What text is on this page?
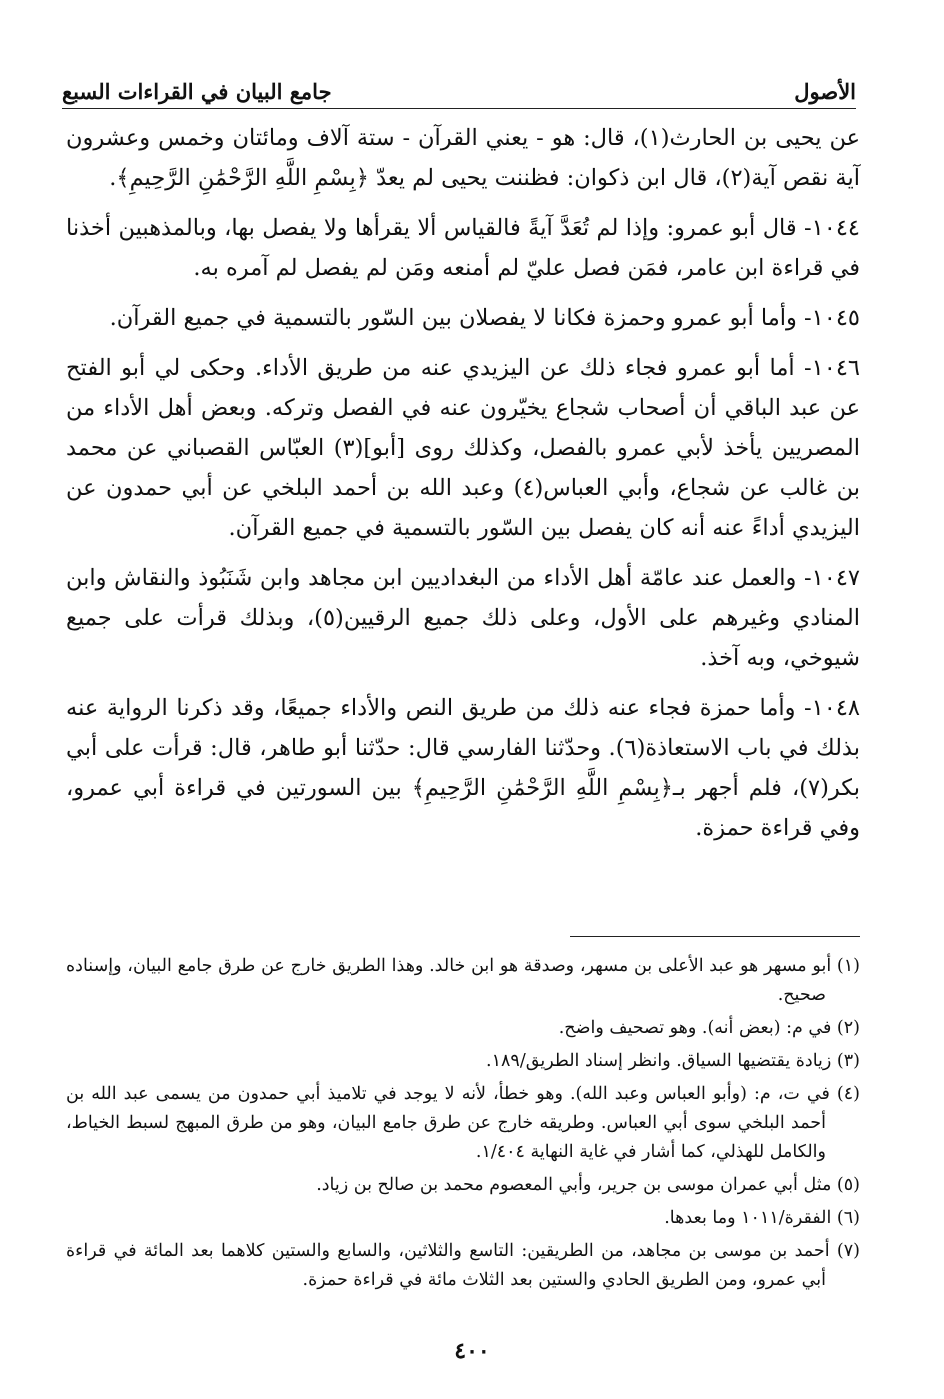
الأصول
جامع البيان في القراءات السبع

عن يحيى بن الحارث(١)، قال: هو - يعني القرآن - ستة آلاف ومائتان وخمس وعشرون آية نقص آية(٢)، قال ابن ذكوان: فظننت يحيى لم يعدّ ﴿بِسْمِ اللَّهِ الرَّحْمَٰنِ الرَّحِيمِ﴾.

١٠٤٤- قال أبو عمرو: وإذا لم تُعَدَّ آيةً فالقياس ألا يقرأها ولا يفصل بها، وبالمذهبين أخذنا في قراءة ابن عامر، فمَن فصل عليّ لم أمنعه ومَن لم يفصل لم آمره به.

١٠٤٥- وأما أبو عمرو وحمزة فكانا لا يفصلان بين السّور بالتسمية في جميع القرآن.

١٠٤٦- أما أبو عمرو فجاء ذلك عن اليزيدي عنه من طريق الأداء. وحكى لي أبو الفتح عن عبد الباقي أن أصحاب شجاع يخيّرون عنه في الفصل وتركه. وبعض أهل الأداء من المصريين يأخذ لأبي عمرو بالفصل، وكذلك روى [أبو](٣) العبّاس القصباني عن محمد بن غالب عن شجاع، وأبي العباس(٤) وعبد الله بن أحمد البلخي عن أبي حمدون عن اليزيدي أداءً عنه أنه كان يفصل بين السّور بالتسمية في جميع القرآن.

١٠٤٧- والعمل عند عامّة أهل الأداء من البغداديين ابن مجاهد وابن شَنَبُوذ والنقاش وابن المنادي وغيرهم على الأول، وعلى ذلك جميع الرقيين(٥)، وبذلك قرأت على جميع شيوخي، وبه آخذ.

١٠٤٨- وأما حمزة فجاء عنه ذلك من طريق النص والأداء جميعًا، وقد ذكرنا الرواية عنه بذلك في باب الاستعاذة(٦). وحدّثنا الفارسي قال: حدّثنا أبو طاهر، قال: قرأت على أبي بكر(٧)، فلم أجهر بـ﴿بِسْمِ اللَّهِ الرَّحْمَٰنِ الرَّحِيمِ﴾ بين السورتين في قراءة أبي عمرو، وفي قراءة حمزة.

(١) أبو مسهر هو عبد الأعلى بن مسهر، وصدقة هو ابن خالد. وهذا الطريق خارج عن طرق جامع البيان، وإسناده صحيح.

(٢) في م: (بعض أنه). وهو تصحيف واضح.

(٣) زيادة يقتضيها السياق. وانظر إسناد الطريق/١٨٩.

(٤) في ت، م: (وأبو العباس وعبد الله). وهو خطأ، لأنه لا يوجد في تلاميذ أبي حمدون من يسمى عبد الله بن أحمد البلخي سوى أبي العباس. وطريقه خارج عن طرق جامع البيان، وهو من طرق المبهج لسبط الخياط، والكامل للهذلي، كما أشار في غاية النهاية ١/٤٠٤.

(٥) مثل أبي عمران موسى بن جرير، وأبي المعصوم محمد بن صالح بن زياد.

(٦) الفقرة/١٠١١ وما بعدها.

(٧) أحمد بن موسى بن مجاهد، من الطريقين: التاسع والثلاثين، والسابع والستين كلاهما بعد المائة في قراءة أبي عمرو، ومن الطريق الحادي والستين بعد الثلاث مائة في قراءة حمزة.

٤٠٠
